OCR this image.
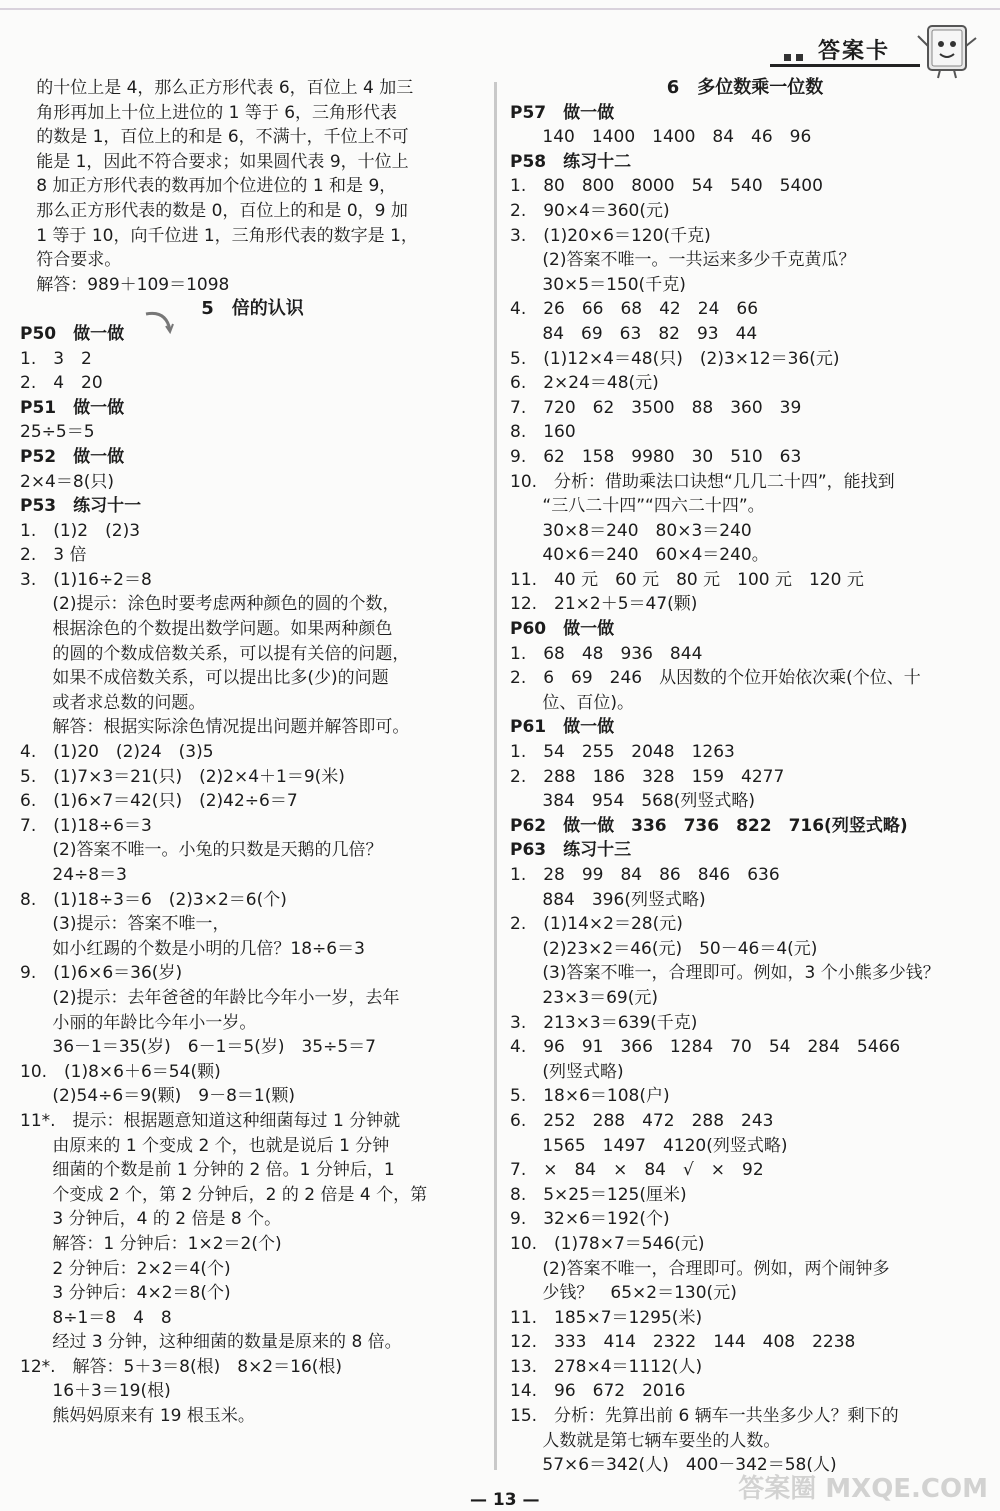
答案卡
的十位上是 4，那么正方形代表 6，百位上 4 加三
角形再加上十位上进位的 1 等于 6，三角形代表
的数是 1，百位上的和是 6，不满十，千位上不可
能是 1，因此不符合要求；如果圆代表 9，十位上
8 加正方形代表的数再加个位进位的 1 和是 9，
那么正方形代表的数是 0，百位上的和是 0，9 加
1 等于 10，向千位进 1，三角形代表的数字是 1，
符合要求。
解答：989＋109＝1098
5　倍的认识
P50　做一做
1.　3　2
2.　4　20
P51　做一做
25÷5＝5
P52　做一做
2×4＝8(只)
P53　练习十一
1.　(1)2　(2)3
2.　3 倍
3.　(1)16÷2＝8
(2)提示：涂色时要考虑两种颜色的圆的个数，
根据涂色的个数提出数学问题。如果两种颜色
的圆的个数成倍数关系，可以提有关倍的问题，
如果不成倍数关系，可以提出比多(少)的问题
或者求总数的问题。
解答：根据实际涂色情况提出问题并解答即可。
4.　(1)20　(2)24　(3)5
5.　(1)7×3＝21(只)　(2)2×4＋1＝9(米)
6.　(1)6×7＝42(只)　(2)42÷6＝7
7.　(1)18÷6＝3
(2)答案不唯一。小兔的只数是天鹅的几倍？
24÷8＝3
8.　(1)18÷3＝6　(2)3×2＝6(个)
(3)提示：答案不唯一，
如小红踢的个数是小明的几倍？18÷6＝3
9.　(1)6×6＝36(岁)
(2)提示：去年爸爸的年龄比今年小一岁，去年
小丽的年龄比今年小一岁。
36－1＝35(岁)　6－1＝5(岁)　35÷5＝7
10.　(1)8×6＋6＝54(颗)
(2)54÷6＝9(颗)　9－8＝1(颗)
11*.　提示：根据题意知道这种细菌每过 1 分钟就
由原来的 1 个变成 2 个，也就是说后 1 分钟
细菌的个数是前 1 分钟的 2 倍。1 分钟后，1
个变成 2 个，第 2 分钟后，2 的 2 倍是 4 个，第
3 分钟后，4 的 2 倍是 8 个。
解答：1 分钟后：1×2＝2(个)
2 分钟后：2×2＝4(个)
3 分钟后：4×2＝8(个)
8÷1＝8　4　8
经过 3 分钟，这种细菌的数量是原来的 8 倍。
12*.　解答：5＋3＝8(根)　8×2＝16(根)
16＋3＝19(根)
熊妈妈原来有 19 根玉米。
6　多位数乘一位数
P57　做一做
140　1400　1400　84　46　96
P58　练习十二
1.　80　800　8000　54　540　5400
2.　90×4＝360(元)
3.　(1)20×6＝120(千克)
(2)答案不唯一。一共运来多少千克黄瓜？
30×5＝150(千克)
4.　26　66　68　42　24　66
84　69　63　82　93　44
5.　(1)12×4＝48(只)　(2)3×12＝36(元)
6.　2×24＝48(元)
7.　720　62　3500　88　360　39
8.　160
9.　62　158　9980　30　510　63
10.　分析：借助乘法口诀想“几几二十四”，能找到
“三八二十四”“四六二十四”。
30×8＝240　80×3＝240
40×6＝240　60×4＝240。
11.　40 元　60 元　80 元　100 元　120 元
12.　21×2＋5＝47(颗)
P60　做一做
1.　68　48　936　844
2.　6　69　246　从因数的个位开始依次乘(个位、十
位、百位)。
P61　做一做
1.　54　255　2048　1263
2.　288　186　328　159　4277
384　954　568(列竖式略)
P62　做一做　336　736　822　716(列竖式略)
P63　练习十三
1.　28　99　84　86　846　636
884　396(列竖式略)
2.　(1)14×2＝28(元)
(2)23×2＝46(元)　50－46＝4(元)
(3)答案不唯一，合理即可。例如，3 个小熊多少钱？
23×3＝69(元)
3.　213×3＝639(千克)
4.　96　91　366　1284　70　54　284　5466
(列竖式略)
5.　18×6＝108(户)
6.　252　288　472　288　243
1565　1497　4120(列竖式略)
7.　×　84　×　84　√　×　92
8.　5×25＝125(厘米)
9.　32×6＝192(个)
10.　(1)78×7＝546(元)
(2)答案不唯一，合理即可。例如，两个闹钟多
少钱？　65×2＝130(元)
11.　185×7＝1295(米)
12.　333　414　2322　144　408　2238
13.　278×4＝1112(人)
14.　96　672　2016
15.　分析：先算出前 6 辆车一共坐多少人？剩下的
人数就是第七辆车要坐的人数。
57×6＝342(人)　400－342＝58(人)
— 13 —	答案圈 MXQE.COM
